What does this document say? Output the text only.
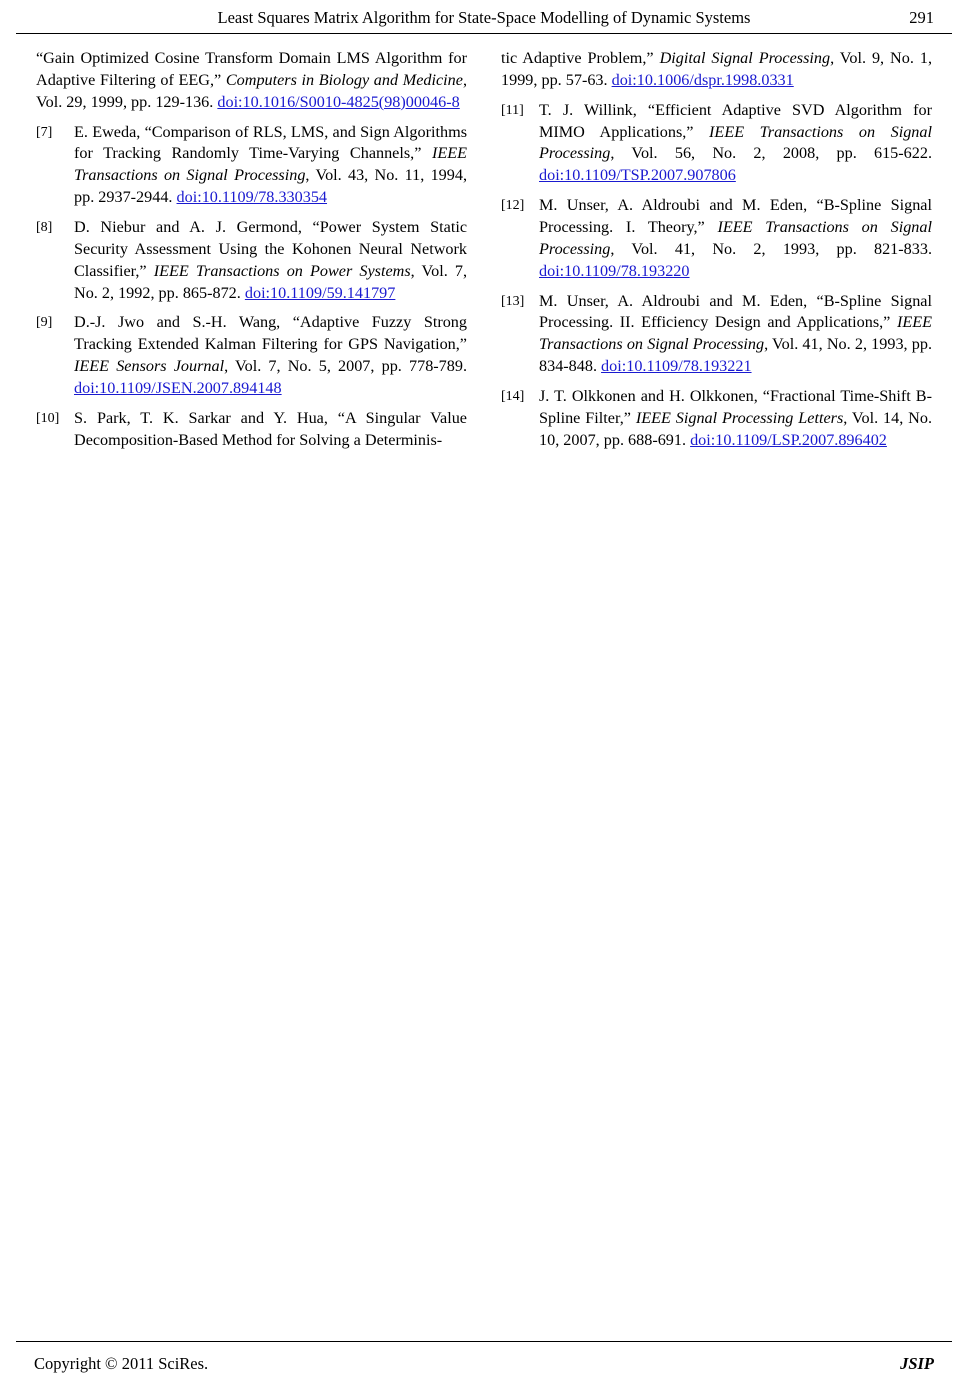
Least Squares Matrix Algorithm for State-Space Modelling of Dynamic Systems	291
“Gain Optimized Cosine Transform Domain LMS Algorithm for Adaptive Filtering of EEG,” Computers in Biology and Medicine, Vol. 29, 1999, pp. 129-136. doi:10.1016/S0010-4825(98)00046-8
[7]	E. Eweda, “Comparison of RLS, LMS, and Sign Algorithms for Tracking Randomly Time-Varying Channels,” IEEE Transactions on Signal Processing, Vol. 43, No. 11, 1994, pp. 2937-2944. doi:10.1109/78.330354
[8]	D. Niebur and A. J. Germond, “Power System Static Security Assessment Using the Kohonen Neural Network Classifier,” IEEE Transactions on Power Systems, Vol. 7, No. 2, 1992, pp. 865-872. doi:10.1109/59.141797
[9]	D.-J. Jwo and S.-H. Wang, “Adaptive Fuzzy Strong Tracking Extended Kalman Filtering for GPS Navigation,” IEEE Sensors Journal, Vol. 7, No. 5, 2007, pp. 778-789. doi:10.1109/JSEN.2007.894148
[10] S. Park, T. K. Sarkar and Y. Hua, “A Singular Value Decomposition-Based Method for Solving a Determinis-
tic Adaptive Problem,” Digital Signal Processing, Vol. 9, No. 1, 1999, pp. 57-63. doi:10.1006/dspr.1998.0331
[11] T. J. Willink, “Efficient Adaptive SVD Algorithm for MIMO Applications,” IEEE Transactions on Signal Processing, Vol. 56, No. 2, 2008, pp. 615-622. doi:10.1109/TSP.2007.907806
[12] M. Unser, A. Aldroubi and M. Eden, “B-Spline Signal Processing. I. Theory,” IEEE Transactions on Signal Processing, Vol. 41, No. 2, 1993, pp. 821-833. doi:10.1109/78.193220
[13] M. Unser, A. Aldroubi and M. Eden, “B-Spline Signal Processing. II. Efficiency Design and Applications,” IEEE Transactions on Signal Processing, Vol. 41, No. 2, 1993, pp. 834-848. doi:10.1109/78.193221
[14] J. T. Olkkonen and H. Olkkonen, “Fractional Time-Shift B-Spline Filter,” IEEE Signal Processing Letters, Vol. 14, No. 10, 2007, pp. 688-691. doi:10.1109/LSP.2007.896402
Copyright © 2011 SciRes.	JSIP
